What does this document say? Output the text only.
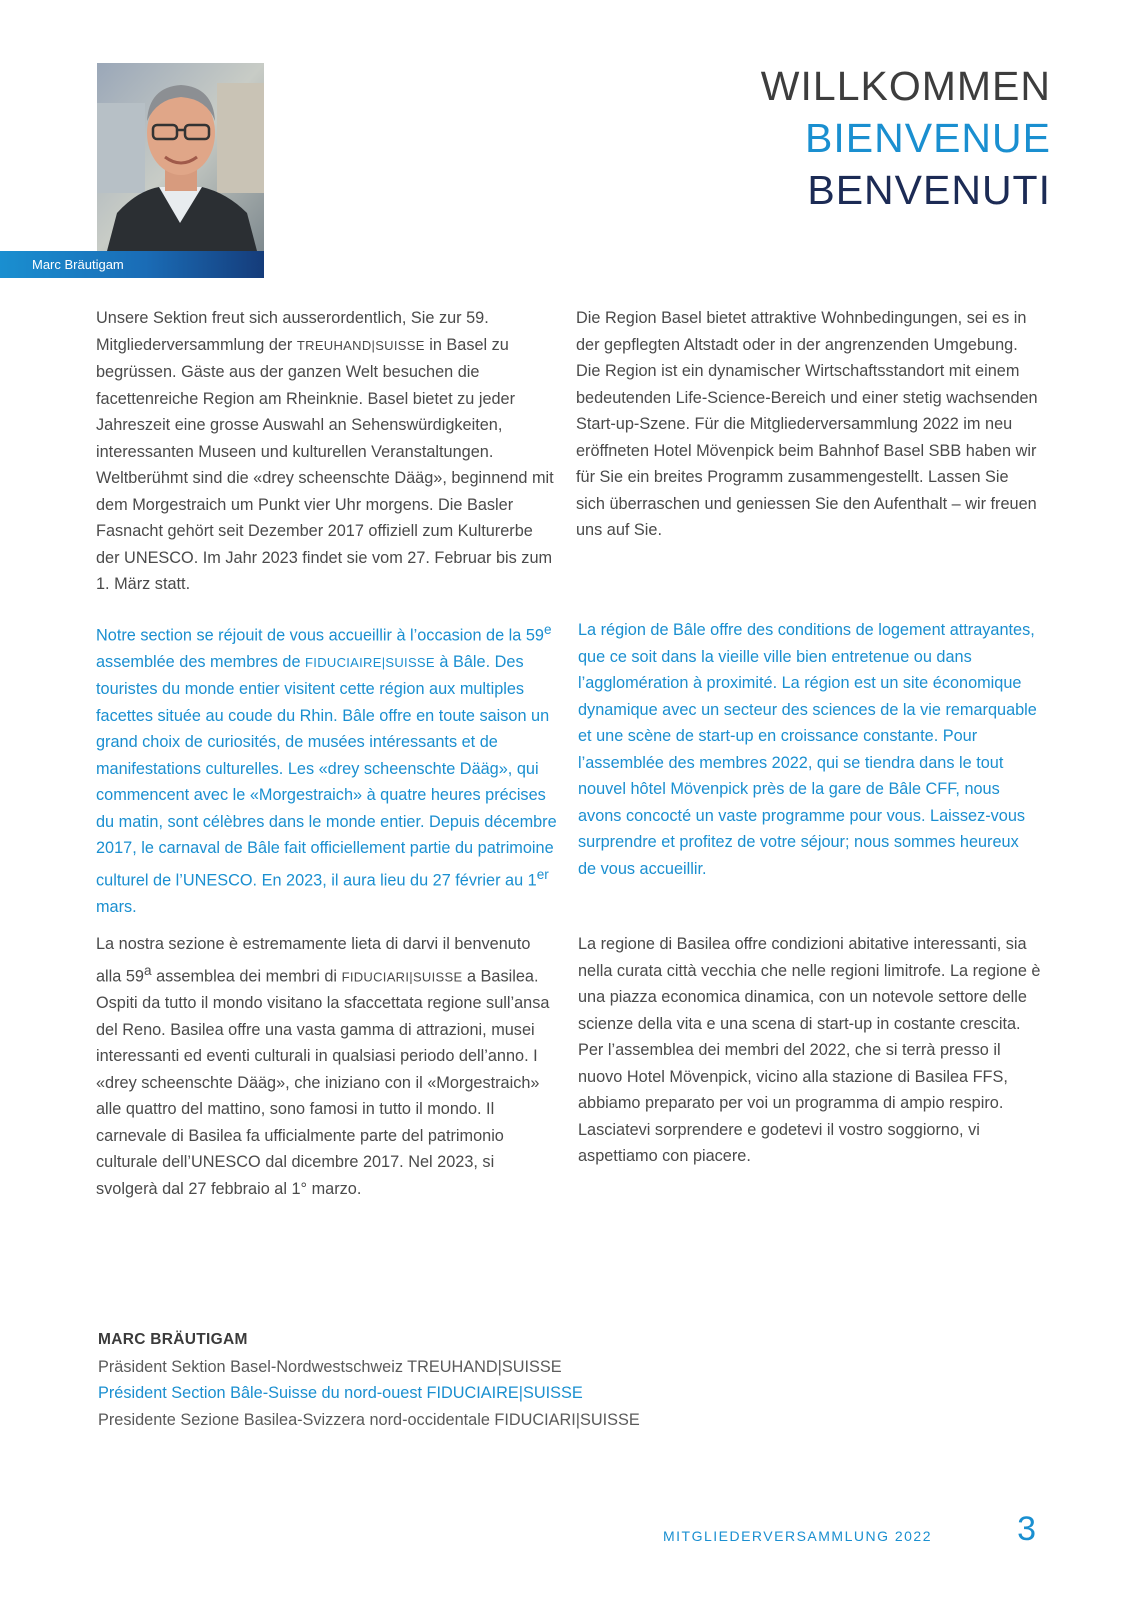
Marc Bräutigam
WILLKOMMEN
BIENVENUE
BENVENUTI

Unsere Sektion freut sich ausserordentlich, Sie zur 59. Mitgliederversammlung der TREUHAND|SUISSE in Basel zu begrüssen. Gäste aus der ganzen Welt besuchen die facettenreiche Region am Rheinknie. Basel bietet zu jeder Jahreszeit eine grosse Auswahl an Sehenswürdigkeiten, interessanten Museen und kulturellen Veranstaltungen. Weltberühmt sind die «drey scheenschte Dääg», beginnend mit dem Morgestraich um Punkt vier Uhr morgens. Die Basler Fasnacht gehört seit Dezember 2017 offiziell zum Kulturerbe der UNESCO. Im Jahr 2023 findet sie vom 27. Februar bis zum 1. März statt.

Die Region Basel bietet attraktive Wohnbedingungen, sei es in der gepflegten Altstadt oder in der angrenzenden Umgebung. Die Region ist ein dynamischer Wirtschaftsstandort mit einem bedeutenden Life-Science-Bereich und einer stetig wachsenden Start-up-Szene. Für die Mitgliederversammlung 2022 im neu eröffneten Hotel Mövenpick beim Bahnhof Basel SBB haben wir für Sie ein breites Programm zusammengestellt. Lassen Sie sich überraschen und geniessen Sie den Aufenthalt – wir freuen uns auf Sie.

Notre section se réjouit de vous accueillir à l’occasion de la 59e assemblée des membres de FIDUCIAIRE|SUISSE à Bâle. Des touristes du monde entier visitent cette région aux multiples facettes située au coude du Rhin. Bâle offre en toute saison un grand choix de curiosités, de musées intéressants et de manifestations culturelles. Les «drey scheenschte Dääg», qui commencent avec le «Morgestraich» à quatre heures précises du matin, sont célèbres dans le monde entier. Depuis décembre 2017, le carnaval de Bâle fait officiellement partie du patrimoine culturel de l’UNESCO. En 2023, il aura lieu du 27 février au 1er mars.

La région de Bâle offre des conditions de logement attrayantes, que ce soit dans la vieille ville bien entretenue ou dans l’agglomération à proximité. La région est un site économique dynamique avec un secteur des sciences de la vie remarquable et une scène de start-up en croissance constante. Pour l’assemblée des membres 2022, qui se tiendra dans le tout nouvel hôtel Mövenpick près de la gare de Bâle CFF, nous avons concocté un vaste programme pour vous. Laissez-vous surprendre et profitez de votre séjour; nous sommes heureux de vous accueillir.

La nostra sezione è estremamente lieta di darvi il benvenuto alla 59$^a$ assemblea dei membri di FIDUCIARI|SUISSE a Basilea. Ospiti da tutto il mondo visitano la sfaccettata regione sull’ansa del Reno. Basilea offre una vasta gamma di attrazioni, musei interessanti ed eventi culturali in qualsiasi periodo dell’anno. I «drey scheenschte Dääg», che iniziano con il «Morgestraich» alle quattro del mattino, sono famosi in tutto il mondo. Il carnevale di Basilea fa ufficialmente parte del patrimonio culturale dell’UNESCO dal dicembre 2017. Nel 2023, si svolgerà dal 27 febbraio al 1° marzo.

La regione di Basilea offre condizioni abitative interessanti, sia nella curata città vecchia che nelle regioni limitrofe. La regione è una piazza economica dinamica, con un notevole settore delle scienze della vita e una scena di start-up in costante crescita. Per l’assemblea dei membri del 2022, che si terrà presso il nuovo Hotel Mövenpick, vicino alla stazione di Basilea FFS, abbiamo preparato per voi un programma di ampio respiro. Lasciatevi sorprendere e godetevi il vostro soggiorno, vi aspettiamo con piacere.

MARC BRÄUTIGAM
Präsident Sektion Basel-Nordwestschweiz TREUHAND|SUISSE
Président Section Bâle-Suisse du nord-ouest FIDUCIAIRE|SUISSE
Presidente Sezione Basilea-Svizzera nord-occidentale FIDUCIARI|SUISSE
MITGLIEDERVERSAMMLUNG 2022	3
